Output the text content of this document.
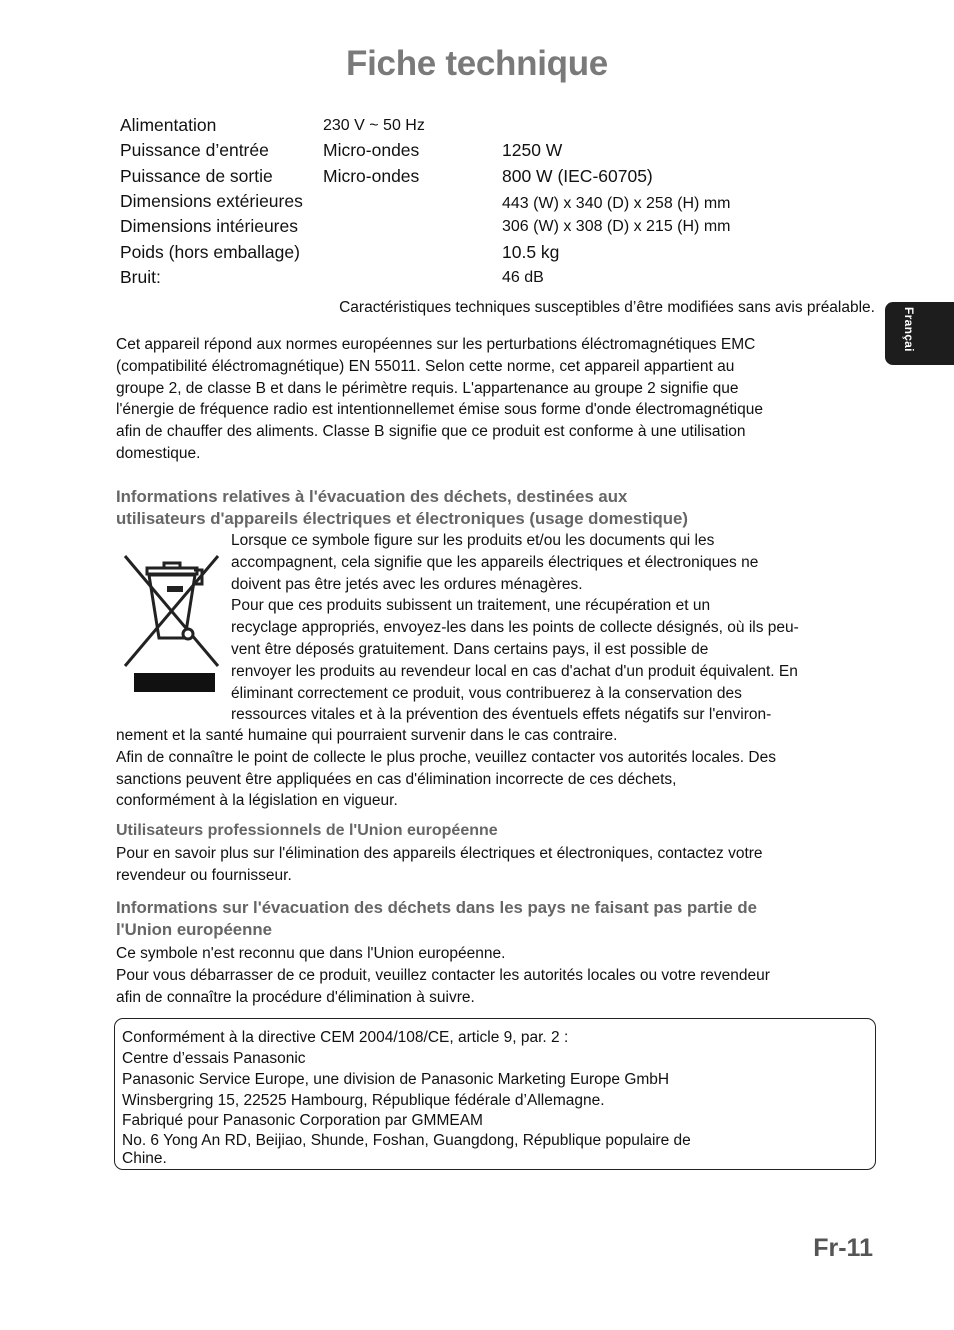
Fiche technique
Alimentation	230 V ~ 50 Hz
Puissance d’entrée	Micro-ondes	1250 W
Puissance de sortie	Micro-ondes	800 W (IEC-60705)
Dimensions extérieures	443 (W) x 340 (D) x 258 (H) mm
Dimensions intérieures	306 (W) x 308 (D) x 215 (H) mm
Poids (hors emballage)	10.5 kg
Bruit:	46 dB
Caractéristiques techniques susceptibles d’être modifiées sans avis préalable. Françai
Cet appareil répond aux normes européennes sur les perturbations éléctromagnétiques EMC
(compatibilité éléctromagnétique) EN 55011. Selon cette norme, cet appareil appartient au
groupe 2, de classe B et dans le périmètre requis. L'appartenance au groupe 2 signifie que
l'énergie de fréquence radio est intentionnellemet émise sous forme d'onde électromagnétique
afin de chauffer des aliments. Classe B signifie que ce produit est conforme à une utilisation
domestique.
Informations relatives à l'évacuation des déchets, destinées aux
utilisateurs d'appareils électriques et électroniques (usage domestique)
Lorsque ce symbole figure sur les produits et/ou les documents qui les
accompagnent, cela signifie que les appareils électriques et électroniques ne
doivent pas être jetés avec les ordures ménagères.
Pour que ces produits subissent un traitement, une récupération et un
recyclage appropriés, envoyez-les dans les points de collecte désignés, où ils peu-
vent être déposés gratuitement. Dans certains pays, il est possible de
renvoyer les produits au revendeur local en cas d'achat d'un produit équivalent. En
éliminant correctement ce produit, vous contribuerez à la conservation des
ressources vitales et à la prévention des éventuels effets négatifs sur l'environ-
nement et la santé humaine qui pourraient survenir dans le cas contraire.
Afin de connaître le point de collecte le plus proche, veuillez contacter vos autorités locales. Des
sanctions peuvent être appliquées en cas d'élimination incorrecte de ces déchets,
conformément à la législation en vigueur.
Utilisateurs professionnels de l'Union européenne
Pour en savoir plus sur l'élimination des appareils électriques et électroniques, contactez votre
revendeur ou fournisseur.
Informations sur l'évacuation des déchets dans les pays ne faisant pas partie de
l'Union européenne
Ce symbole n'est reconnu que dans l'Union européenne.
Pour vous débarrasser de ce produit, veuillez contacter les autorités locales ou votre revendeur
afin de connaître la procédure d'élimination à suivre.

Conformément à la directive CEM 2004/108/CE, article 9, par. 2 :

Centre d’essais Panasonic

Panasonic Service Europe, une division de Panasonic Marketing Europe GmbH

Winsbergring 15, 22525 Hambourg, République fédérale d’Allemagne.

Fabriqué pour Panasonic Corporation par GMMEAM

No. 6 Yong An RD, Beijiao, Shunde, Foshan, Guangdong, République populaire de

Chine.

Fr-11
